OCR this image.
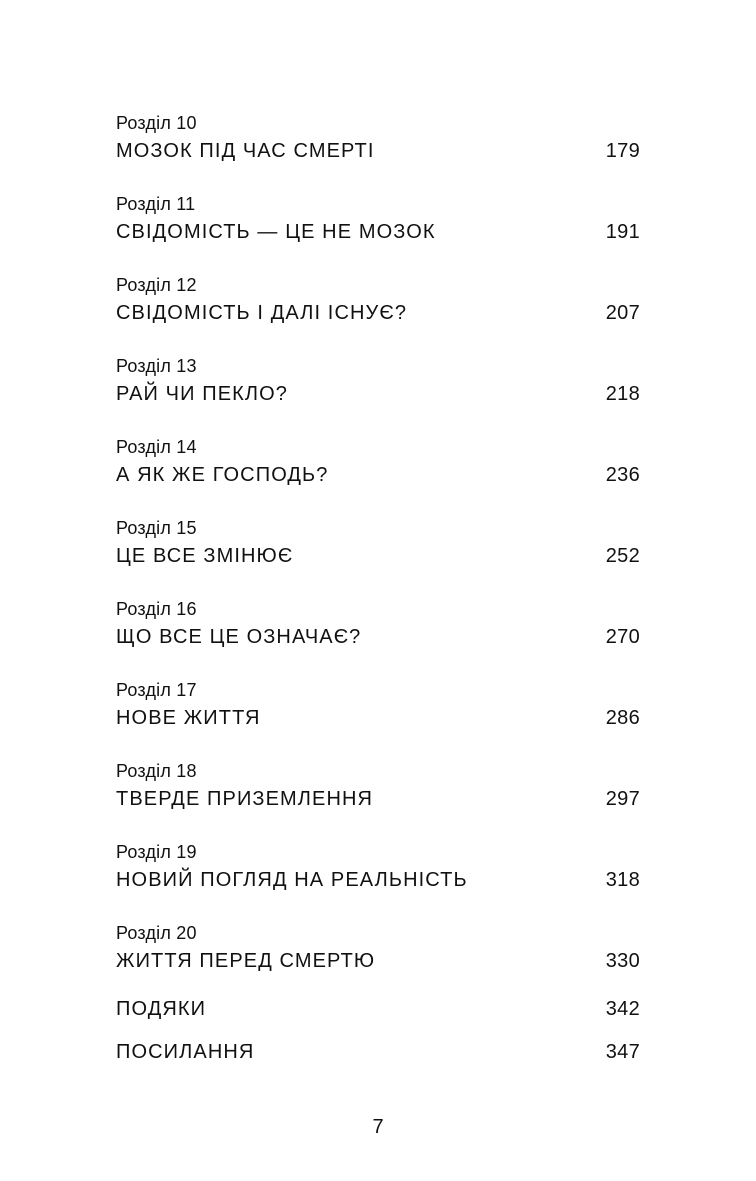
Розділ 10
МОЗОК ПІД ЧАС СМЕРТІ	179
Розділ 11
СВІДОМІСТЬ — ЦЕ НЕ МОЗОК	191
Розділ 12
СВІДОМІСТЬ І ДАЛІ ІСНУЄ?	207
Розділ 13
РАЙ ЧИ ПЕКЛО?	218
Розділ 14
А ЯК ЖЕ ГОСПОДЬ?	236
Розділ 15
ЦЕ ВСЕ ЗМІНЮЄ	252
Розділ 16
ЩО ВСЕ ЦЕ ОЗНАЧАЄ?	270
Розділ 17
НОВЕ ЖИТТЯ	286
Розділ 18
ТВЕРДЕ ПРИЗЕМЛЕННЯ	297
Розділ 19
НОВИЙ ПОГЛЯД НА РЕАЛЬНІСТЬ	318
Розділ 20
ЖИТТЯ ПЕРЕД СМЕРТЮ	330
ПОДЯКИ	342
ПОСИЛАННЯ	347
7
